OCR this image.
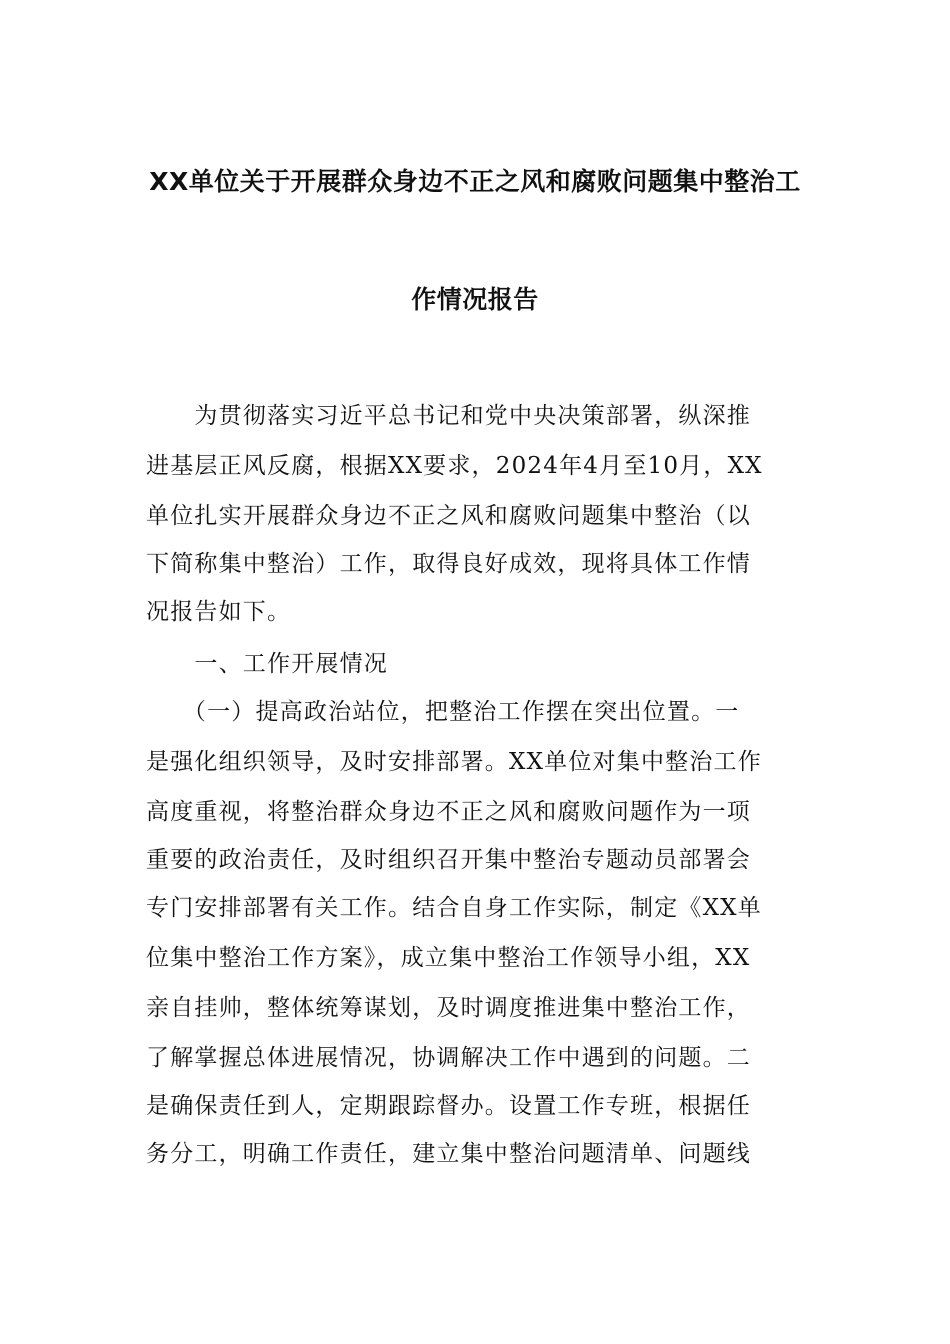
XX单位关于开展群众身边不正之风和腐败问题集中整治工
作情况报告
　　为贯彻落实习近平总书记和党中央决策部署，纵深推
进基层正风反腐，根据XX要求，2024年4月至10月，XX
单位扎实开展群众身边不正之风和腐败问题集中整治（以
下简称集中整治）工作，取得良好成效，现将具体工作情
况报告如下。
　　一、工作开展情况
　　（一）提高政治站位，把整治工作摆在突出位置。一
是强化组织领导，及时安排部署。XX单位对集中整治工作
高度重视，将整治群众身边不正之风和腐败问题作为一项
重要的政治责任，及时组织召开集中整治专题动员部署会
专门安排部署有关工作。结合自身工作实际，制定《XX单
位集中整治工作方案》，成立集中整治工作领导小组，XX
亲自挂帅，整体统筹谋划，及时调度推进集中整治工作，
了解掌握总体进展情况，协调解决工作中遇到的问题。二
是确保责任到人，定期跟踪督办。设置工作专班，根据任
务分工，明确工作责任，建立集中整治问题清单、问题线
